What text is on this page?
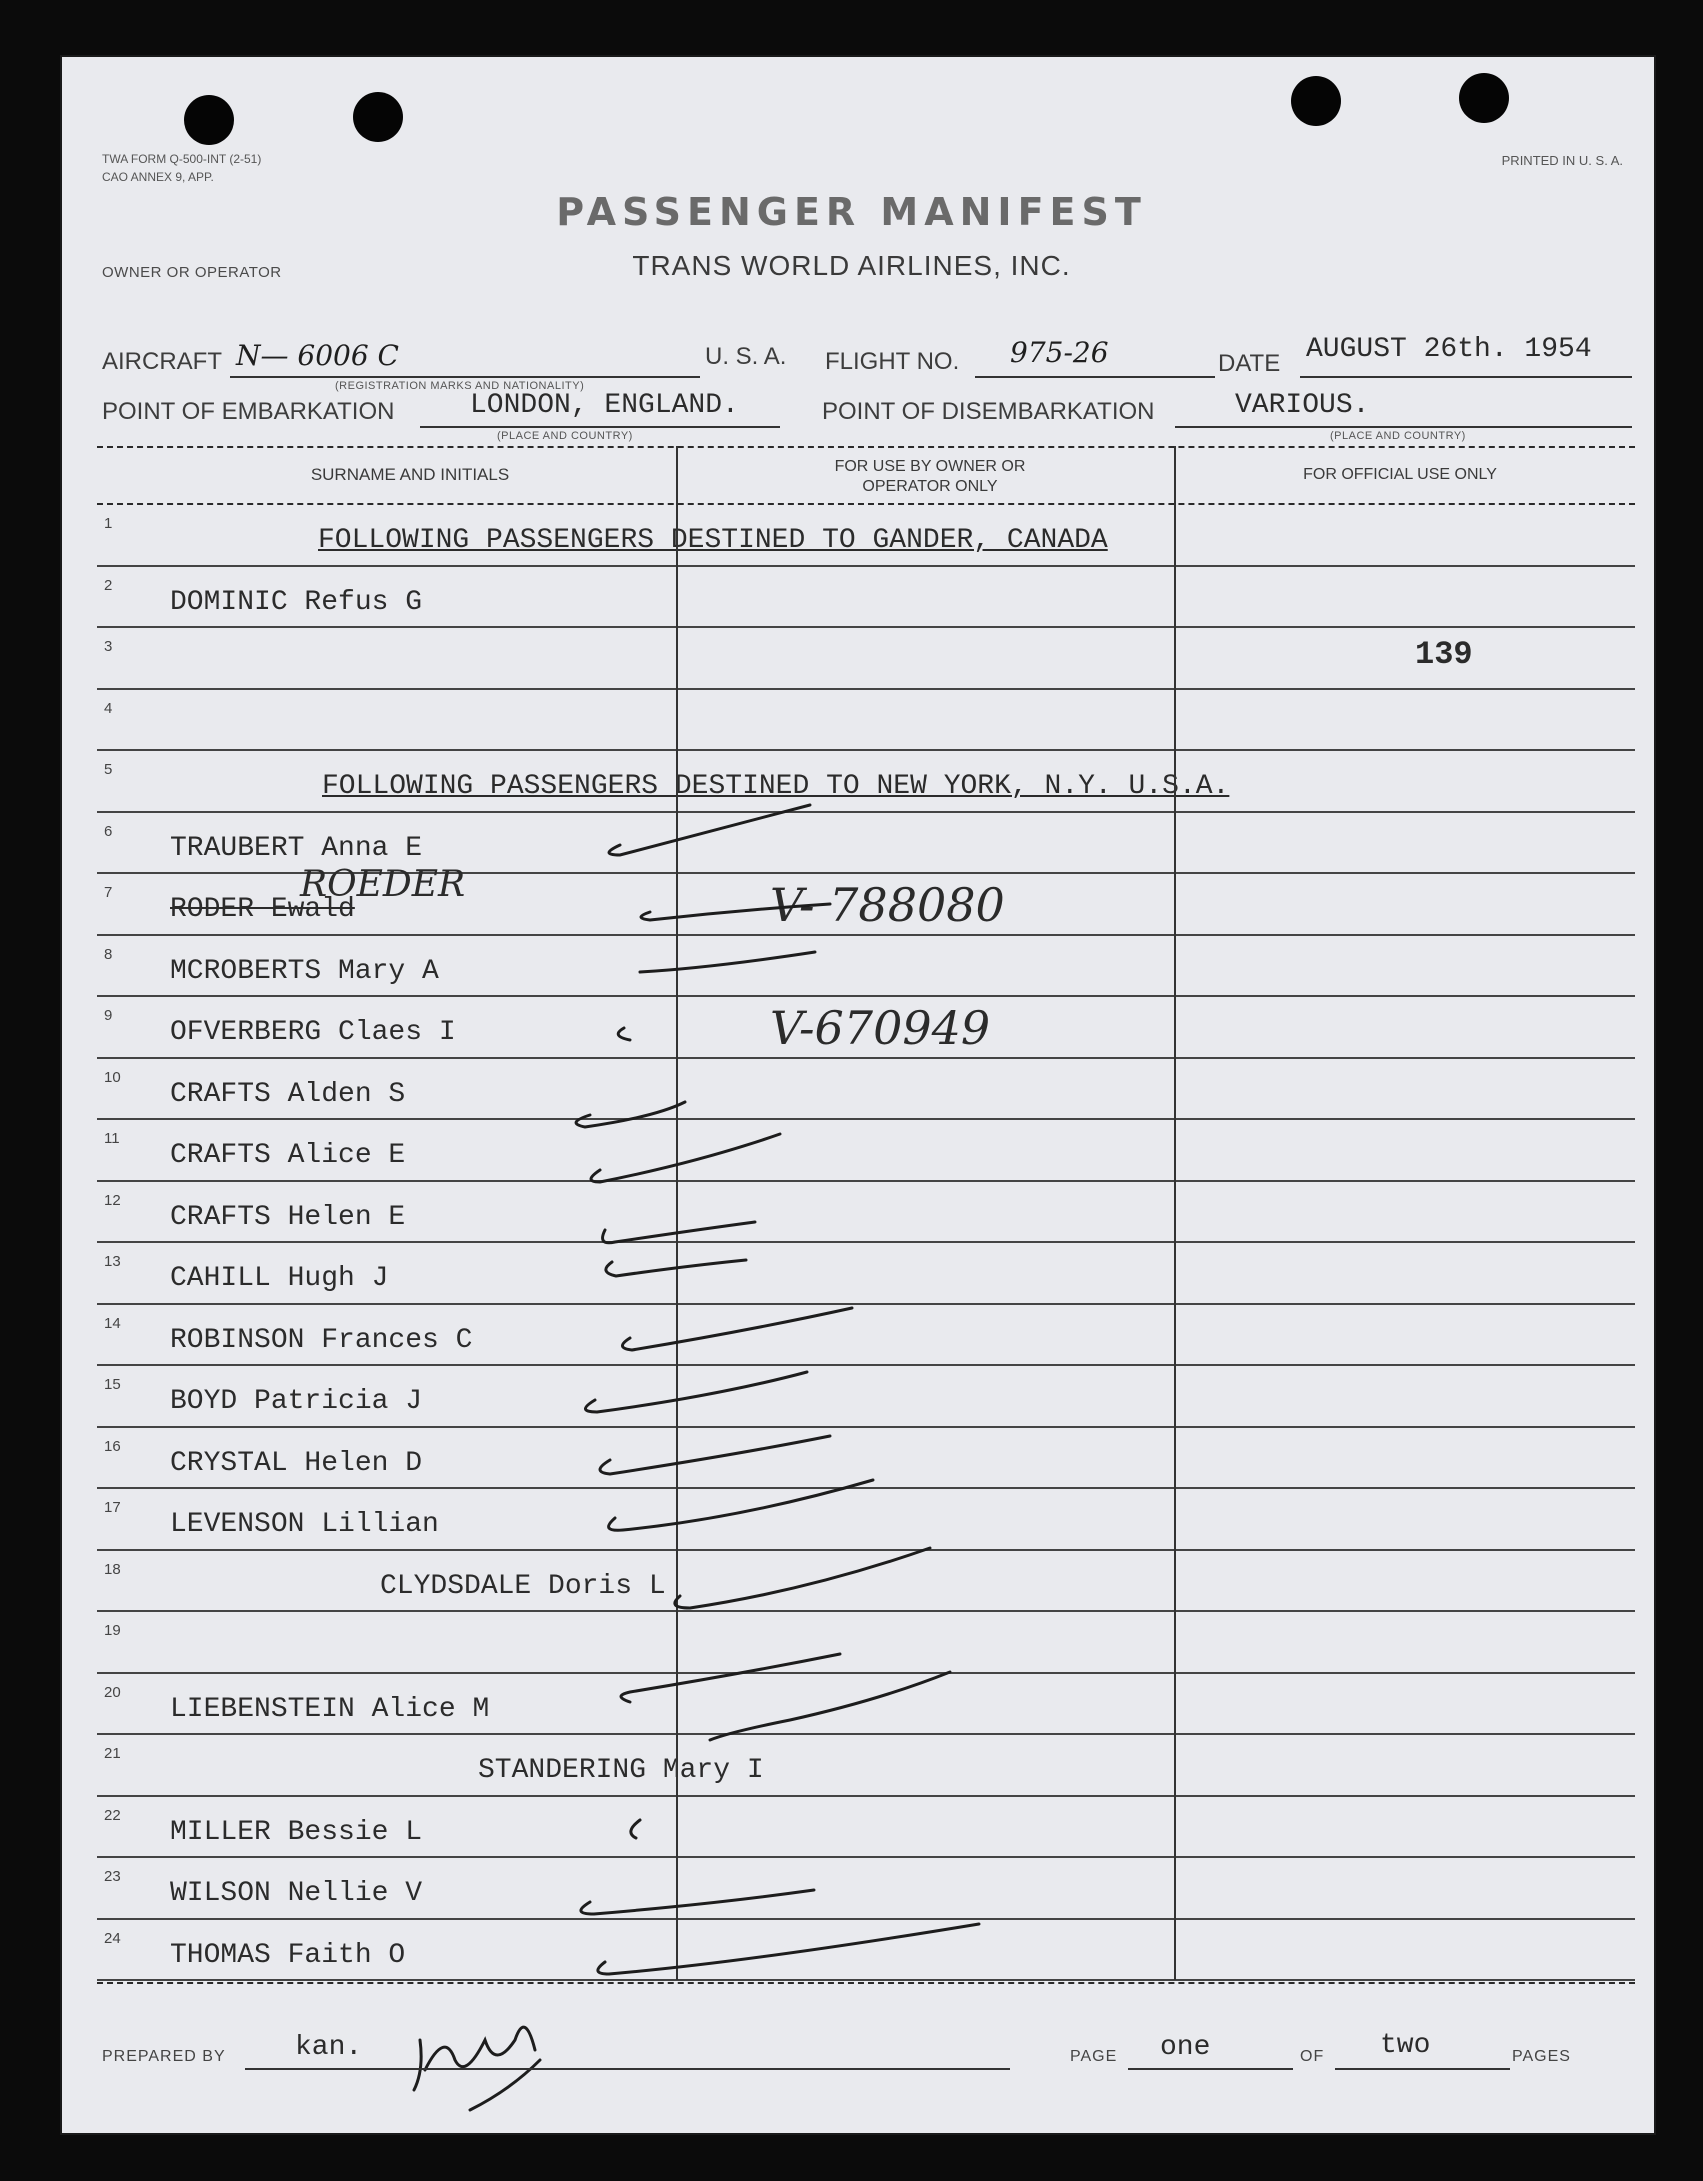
TWA FORM Q-500-INT (2-51)
CAO ANNEX 9, APP.
PRINTED IN U. S. A.
PASSENGER MANIFEST
TRANS WORLD AIRLINES, INC.
OWNER OR OPERATOR
AIRCRAFT N— 6006 C
(REGISTRATION MARKS AND NATIONALITY)
U. S. A. FLIGHT NO. 975-26	DATE AUGUST 26th. 1954
POINT OF EMBARKATION	LONDON, ENGLAND.
(PLACE AND COUNTRY)
POINT OF DISEMBARKATION	VARIOUS.
(PLACE AND COUNTRY)
SURNAME AND INITIALS	FOR USE BY OWNER OR OPERATOR ONLY
FOR OFFICIAL USE ONLY
1
FOLLOWING PASSENGERS DESTINED TO GANDER, CANADA
2
DOMINIC Refus G
3	139
4
5
FOLLOWING PASSENGERS DESTINED TO NEW YORK, N.Y. U.S.A.
6
TRAUBERT Anna E
7
RODER Ewald
ROEDER	V- 788080
8
MCROBERTS Mary A
9
OFVERBERG Claes I	V-670949
10
CRAFTS Alden S
11
CRAFTS Alice E
12
CRAFTS Helen E
13
CAHILL Hugh J
14
ROBINSON Frances C
15
BOYD Patricia J
16
CRYSTAL Helen D
17
LEVENSON Lillian
18
CLYDSDALE Doris L
19
20
LIEBENSTEIN Alice M
21
STANDERING Mary I
22
MILLER Bessie L
23
WILSON Nellie V
24
THOMAS Faith O
PREPARED BY kan.	PAGE one	OF two	PAGES
